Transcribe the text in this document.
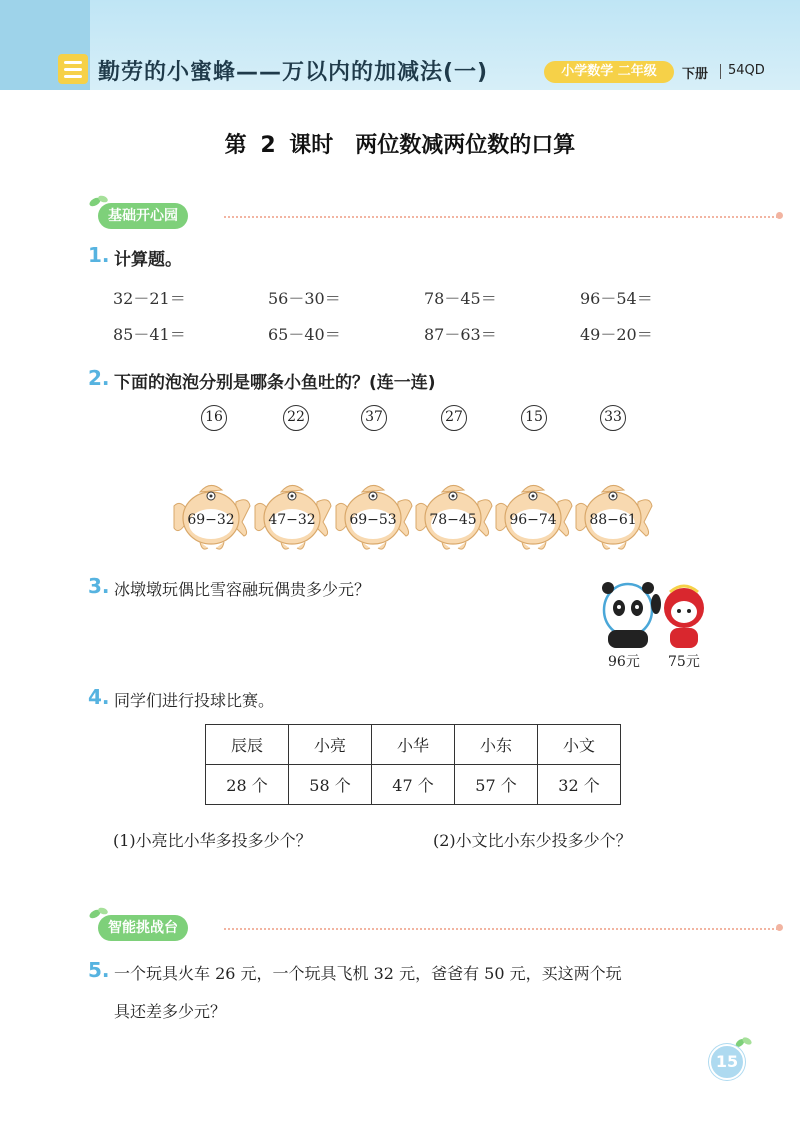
勤劳的小蜜蜂——万以内的加减法(一)	小学数学 二年级	下册 54QD
第 2 课时　两位数减两位数的口算
基础开心园
1. 计算题。
32－21＝	56－30＝	78－45＝	96－54＝
85－41＝	65－40＝	87－63＝	49－20＝
2. 下面的泡泡分别是哪条小鱼吐的？(连一连)
16	22	37	27	15	33
69−32	47−32	69−53	78−45	96−74	88−61
3. 冰墩墩玩偶比雪容融玩偶贵多少元？
96元 75元
4. 同学们进行投球比赛。
辰辰	小亮	小华	小东	小文
28 个	58 个	47 个	57 个	32 个
(1)小亮比小华多投多少个？	(2)小文比小东少投多少个？
智能挑战台
5. 一个玩具火车 26 元，一个玩具飞机 32 元，爸爸有 50 元，买这两个玩
具还差多少元？
15
